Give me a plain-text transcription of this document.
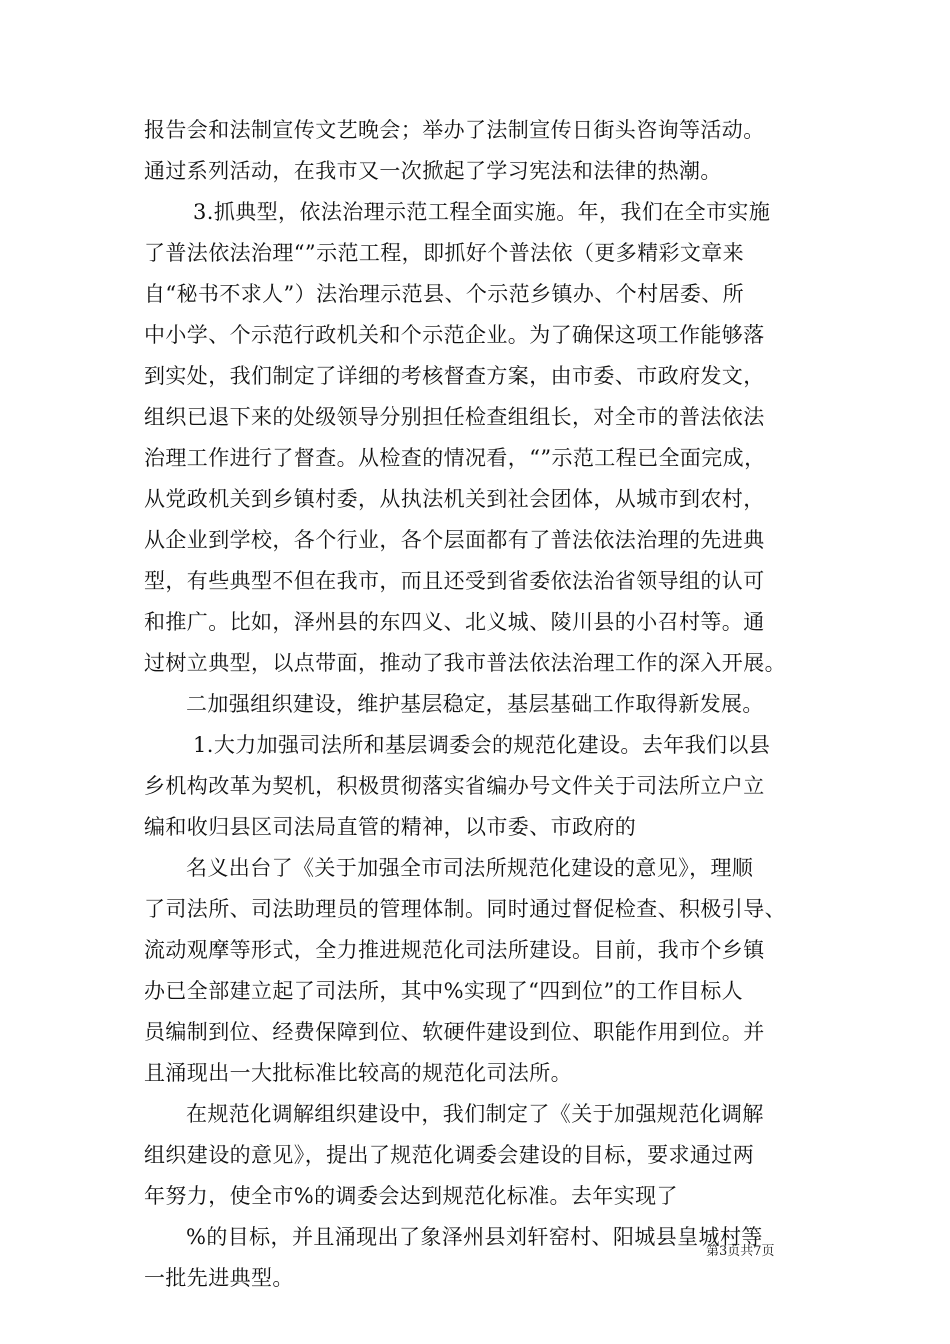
报告会和法制宣传文艺晚会；举办了法制宣传日街头咨询等活动。
通过系列活动，在我市又一次掀起了学习宪法和法律的热潮。
3.抓典型，依法治理示范工程全面实施。年，我们在全市实施
了普法依法治理“”示范工程，即抓好个普法依（更多精彩文章来
自“秘书不求人”）法治理示范县、个示范乡镇办、个村居委、所
中小学、个示范行政机关和个示范企业。为了确保这项工作能够落
到实处，我们制定了详细的考核督查方案，由市委、市政府发文，
组织已退下来的处级领导分别担任检查组组长，对全市的普法依法
治理工作进行了督查。从检查的情况看，“”示范工程已全面完成，
从党政机关到乡镇村委，从执法机关到社会团体，从城市到农村，
从企业到学校，各个行业，各个层面都有了普法依法治理的先进典
型，有些典型不但在我市，而且还受到省委依法治省领导组的认可
和推广。比如，泽州县的东四义、北义城、陵川县的小召村等。通
过树立典型，以点带面，推动了我市普法依法治理工作的深入开展。
二加强组织建设，维护基层稳定，基层基础工作取得新发展。
1.大力加强司法所和基层调委会的规范化建设。去年我们以县
乡机构改革为契机，积极贯彻落实省编办号文件关于司法所立户立
编和收归县区司法局直管的精神，以市委、市政府的
名义出台了《关于加强全市司法所规范化建设的意见》，理顺
了司法所、司法助理员的管理体制。同时通过督促检查、积极引导、
流动观摩等形式，全力推进规范化司法所建设。目前，我市个乡镇
办已全部建立起了司法所，其中%实现了“四到位”的工作目标人
员编制到位、经费保障到位、软硬件建设到位、职能作用到位。并
且涌现出一大批标准比较高的规范化司法所。
在规范化调解组织建设中，我们制定了《关于加强规范化调解
组织建设的意见》，提出了规范化调委会建设的目标，要求通过两
年努力，使全市%的调委会达到规范化标准。去年实现了
%的目标，并且涌现出了象泽州县刘轩窑村、阳城县皇城村等
一批先进典型。
第3页共7页
